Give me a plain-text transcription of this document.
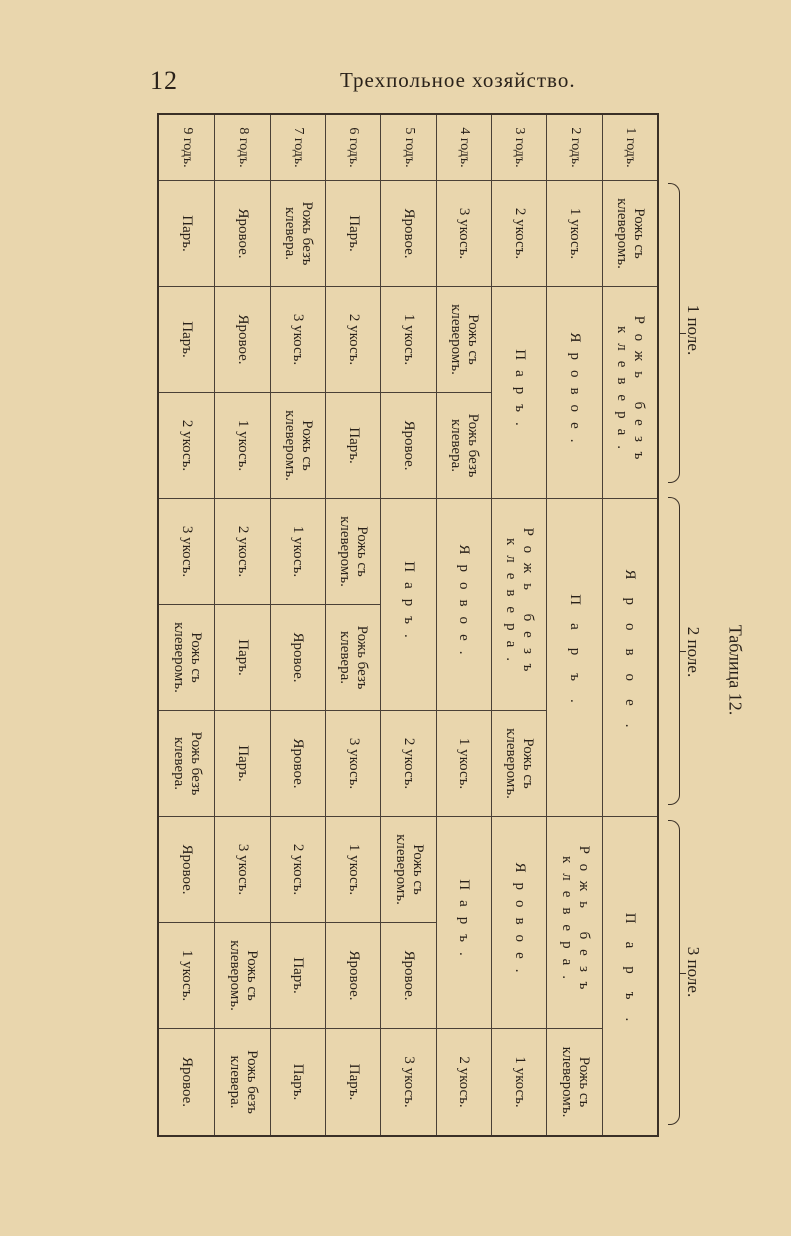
12	Трехпольное хозяйство.
1 годъ.
Рожь съ клеверомъ.
Рожь безъ клевера.
Яровое.
Паръ.
2 годъ.
1 укосъ.
Яровое.
Паръ.
Рожь безъ клевера.
Рожь съ клеверомъ.
3 годъ.
2 укосъ.
Паръ.
Рожь безъ клевера.
Рожь съ клеверомъ.
Яровое.
1 укосъ.
4 годъ.
3 укосъ.
Рожь съ клеверомъ.
Рожь безъ клевера.
Яровое.
1 укосъ.
Паръ.
2 укосъ.
5 годъ.
Яровое.
1 укосъ.
Яровое.
Паръ.
2 укосъ.
Рожь съ клеверомъ.
Яровое.
3 укосъ.
6 годъ.
Паръ.
2 укосъ.
Паръ.
Рожь съ клеверомъ.
Рожь безъ клевера.
3 укосъ.
1 укосъ.
Яровое.
Паръ.
7 годъ.
Рожь безъ клевера.
3 укосъ.
Рожь съ клеверомъ.
1 укосъ.
Яровое.
Яровое.
2 укосъ.
Паръ.
Паръ.
8 годъ.
Яровое.
Яровое.
1 укосъ.
2 укосъ.
Паръ.
Паръ.
3 укосъ.
Рожь съ клеверомъ.
Рожь безъ клевера.
9 годъ.
Паръ.
Паръ.
2 укосъ.
3 укосъ.
Рожь съ клеверомъ.
Рожь безъ клевера.
Яровое.
1 укосъ.
Яровое.
1 поле.
2 поле.
3 поле.
Таблица 12.
